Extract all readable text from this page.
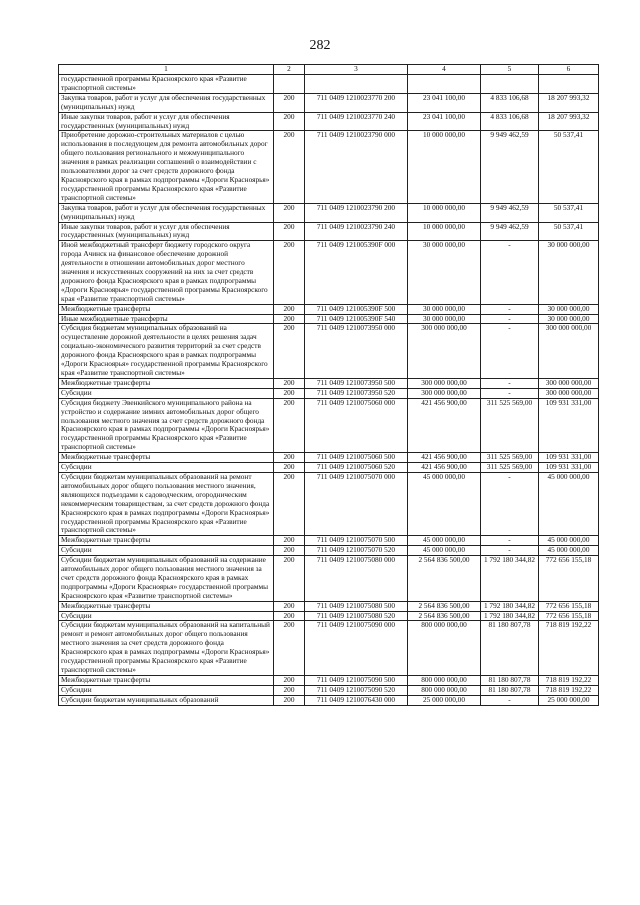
282
1	2	3	4	5	6
государственной программы Красноярского края «Развитие транспортной системы»					
Закупка товаров, работ и услуг для обеспечения государственных (муниципальных) нужд	200	711 0409 1210023770 200	23 041 100,00	4 833 106,68	18 207 993,32
Иные закупки товаров, работ и услуг для обеспечения государственных (муниципальных) нужд	200	711 0409 1210023770 240	23 041 100,00	4 833 106,68	18 207 993,32
Приобретение дорожно-строительных материалов с целью использования в последующем для ремонта автомобильных дорог общего пользования регионального и межмуниципального значения в рамках реализации соглашений о взаимодействии с пользователями дорог за счет средств дорожного фонда Красноярского края в рамках подпрограммы «Дороги Красноярья» государственной программы Красноярского края «Развитие транспортной системы»	200	711 0409 1210023790 000	10 000 000,00	9 949 462,59	50 537,41
Закупка товаров, работ и услуг для обеспечения государственных (муниципальных) нужд	200	711 0409 1210023790 200	10 000 000,00	9 949 462,59	50 537,41
Иные закупки товаров, работ и услуг для обеспечения государственных (муниципальных) нужд	200	711 0409 1210023790 240	10 000 000,00	9 949 462,59	50 537,41
Иной межбюджетный трансферт бюджету городского округа города Ачинск на финансовое обеспечение дорожной деятельности в отношении автомобильных дорог местного значения и искусственных сооружений на них за счет средств дорожного фонда Красноярского края в рамках подпрограммы «Дороги Красноярья» государственной программы Красноярского края «Развитие транспортной системы»	200	711 0409 121005390F 000	30 000 000,00	-	30 000 000,00
Межбюджетные трансферты	200	711 0409 121005390F 500	30 000 000,00	-	30 000 000,00
Иные межбюджетные трансферты	200	711 0409 121005390F 540	30 000 000,00	-	30 000 000,00
Субсидия бюджетам муниципальных образований на осуществление дорожной деятельности в целях решения задач социально-экономического развития территорий за счет средств дорожного фонда Красноярского края в рамках подпрограммы «Дороги Красноярья» государственной программы Красноярского края «Развитие транспортной системы»	200	711 0409 1210073950 000	300 000 000,00	-	300 000 000,00
Межбюджетные трансферты	200	711 0409 1210073950 500	300 000 000,00	-	300 000 000,00
Субсидии	200	711 0409 1210073950 520	300 000 000,00	-	300 000 000,00
Субсидия бюджету Эвенкийского муниципального района на устройство и содержание зимних автомобильных дорог общего пользования местного значения за счет средств дорожного фонда Красноярского края в рамках подпрограммы «Дороги Красноярья» государственной программы Красноярского края «Развитие транспортной системы»	200	711 0409 1210075060 000	421 456 900,00	311 525 569,00	109 931 331,00
Межбюджетные трансферты	200	711 0409 1210075060 500	421 456 900,00	311 525 569,00	109 931 331,00
Субсидии	200	711 0409 1210075060 520	421 456 900,00	311 525 569,00	109 931 331,00
Субсидии бюджетам муниципальных образований на ремонт автомобильных дорог общего пользования местного значения, являющихся подъездами к садоводческим, огородническим некоммерческим товариществам, за счет средств дорожного фонда Красноярского края в рамках подпрограммы «Дороги Красноярья» государственной программы Красноярского края «Развитие транспортной системы»	200	711 0409 1210075070 000	45 000 000,00	-	45 000 000,00
Межбюджетные трансферты	200	711 0409 1210075070 500	45 000 000,00	-	45 000 000,00
Субсидии	200	711 0409 1210075070 520	45 000 000,00	-	45 000 000,00
Субсидии бюджетам муниципальных образований на содержание автомобильных дорог общего пользования местного значения за счет средств дорожного фонда Красноярского края в рамках подпрограммы «Дороги Красноярья» государственной программы Красноярского края «Развитие транспортной системы»	200	711 0409 1210075080 000	2 564 836 500,00	1 792 180 344,82	772 656 155,18
Межбюджетные трансферты	200	711 0409 1210075080 500	2 564 836 500,00	1 792 180 344,82	772 656 155,18
Субсидии	200	711 0409 1210075080 520	2 564 836 500,00	1 792 180 344,82	772 656 155,18
Субсидии бюджетам муниципальных образований на капитальный ремонт и ремонт автомобильных дорог общего пользования местного значения за счет средств дорожного фонда Красноярского края в рамках подпрограммы «Дороги Красноярья» государственной программы Красноярского края «Развитие транспортной системы»	200	711 0409 1210075090 000	800 000 000,00	81 180 807,78	718 819 192,22
Межбюджетные трансферты	200	711 0409 1210075090 500	800 000 000,00	81 180 807,78	718 819 192,22
Субсидии	200	711 0409 1210075090 520	800 000 000,00	81 180 807,78	718 819 192,22
Субсидии бюджетам муниципальных образований	200	711 0409 1210076430 000	25 000 000,00	-	25 000 000,00
